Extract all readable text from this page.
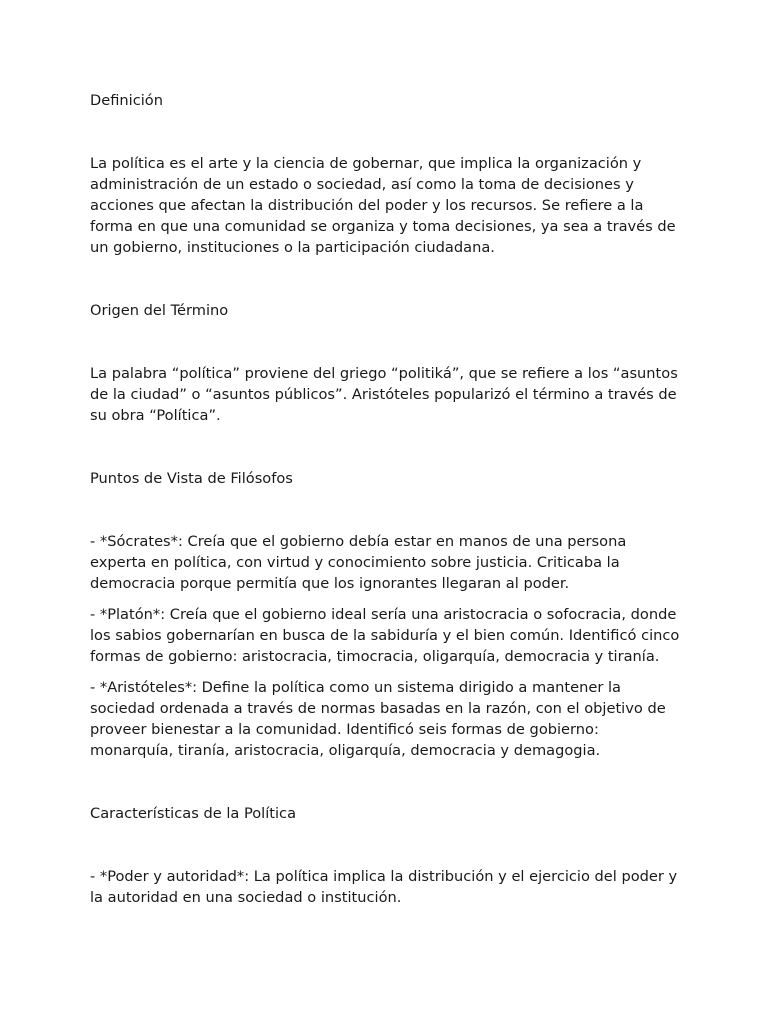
Definición

La política es el arte y la ciencia de gobernar, que implica la organización y administración de un estado o sociedad, así como la toma de decisiones y acciones que afectan la distribución del poder y los recursos. Se refiere a la forma en que una comunidad se organiza y toma decisiones, ya sea a través de un gobierno, instituciones o la participación ciudadana.

Origen del Término

La palabra “política” proviene del griego “politiká”, que se refiere a los “asuntos de la ciudad” o “asuntos públicos”. Aristóteles popularizó el término a través de su obra “Política”.

Puntos de Vista de Filósofos

- *Sócrates*: Creía que el gobierno debía estar en manos de una persona experta en política, con virtud y conocimiento sobre justicia. Criticaba la democracia porque permitía que los ignorantes llegaran al poder.

- *Platón*: Creía que el gobierno ideal sería una aristocracia o sofocracia, donde los sabios gobernarían en busca de la sabiduría y el bien común. Identificó cinco formas de gobierno: aristocracia, timocracia, oligarquía, democracia y tiranía.

- *Aristóteles*: Define la política como un sistema dirigido a mantener la sociedad ordenada a través de normas basadas en la razón, con el objetivo de proveer bienestar a la comunidad. Identificó seis formas de gobierno: monarquía, tiranía, aristocracia, oligarquía, democracia y demagogia.

Características de la Política

- *Poder y autoridad*: La política implica la distribución y el ejercicio del poder y la autoridad en una sociedad o institución.
